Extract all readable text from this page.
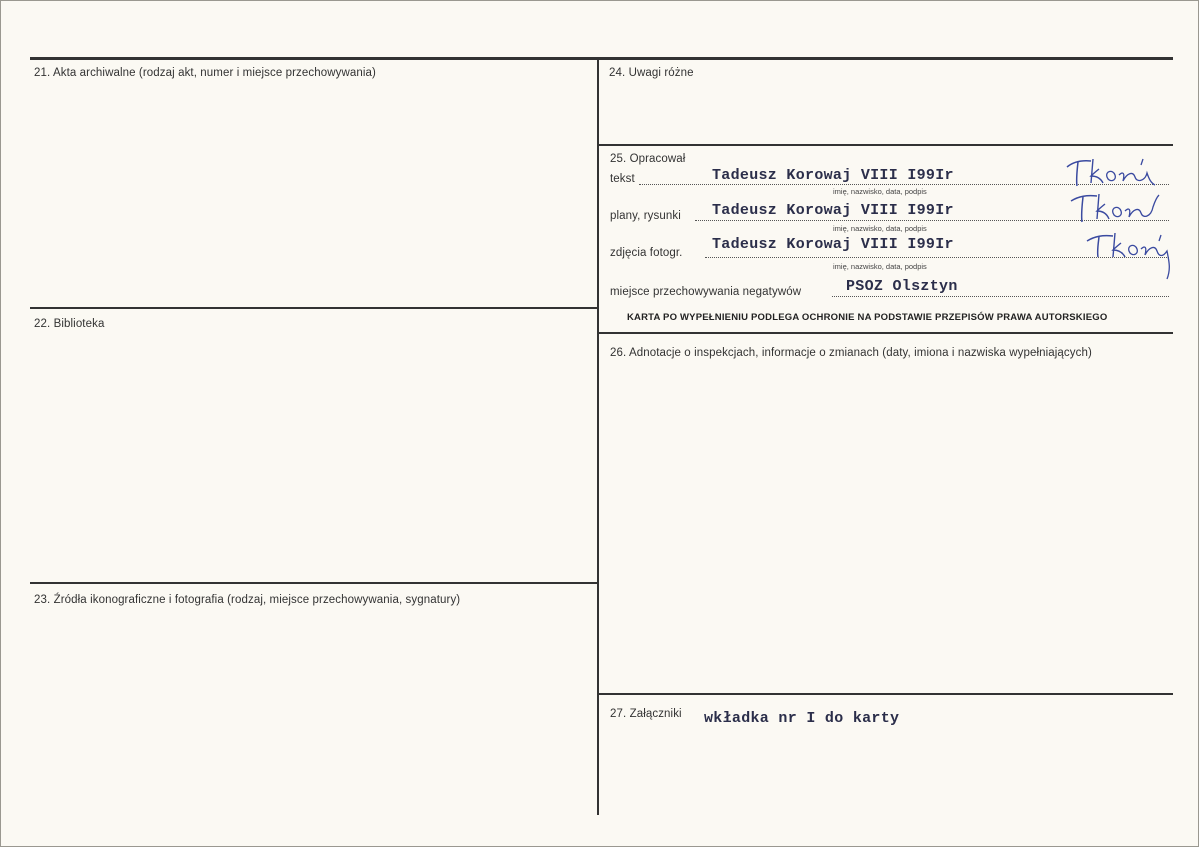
21. Akta archiwalne (rodzaj akt, numer i miejsce przechowywania)
22. Biblioteka
23. Źródła ikonograficzne i fotografia (rodzaj, miejsce przechowywania, sygnatury)
24. Uwagi różne
25. Opracował
tekst	Tadeusz Korowaj VIII I99Ir
imię, nazwisko, data, podpis
plany, rysunki Tadeusz Korowaj VIII I99Ir
imię, nazwisko, data, podpis
zdjęcia fotogr. Tadeusz Korowaj VIII I99Ir
imię, nazwisko, data, podpis
miejsce przechowywania negatywów	PSOZ Olsztyn
KARTA PO WYPEŁNIENIU PODLEGA OCHRONIE NA PODSTAWIE PRZEPISÓW PRAWA AUTORSKIEGO
26. Adnotacje o inspekcjach, informacje o zmianach (daty, imiona i nazwiska wypełniających)
27. Załączniki wkładka nr I do karty
